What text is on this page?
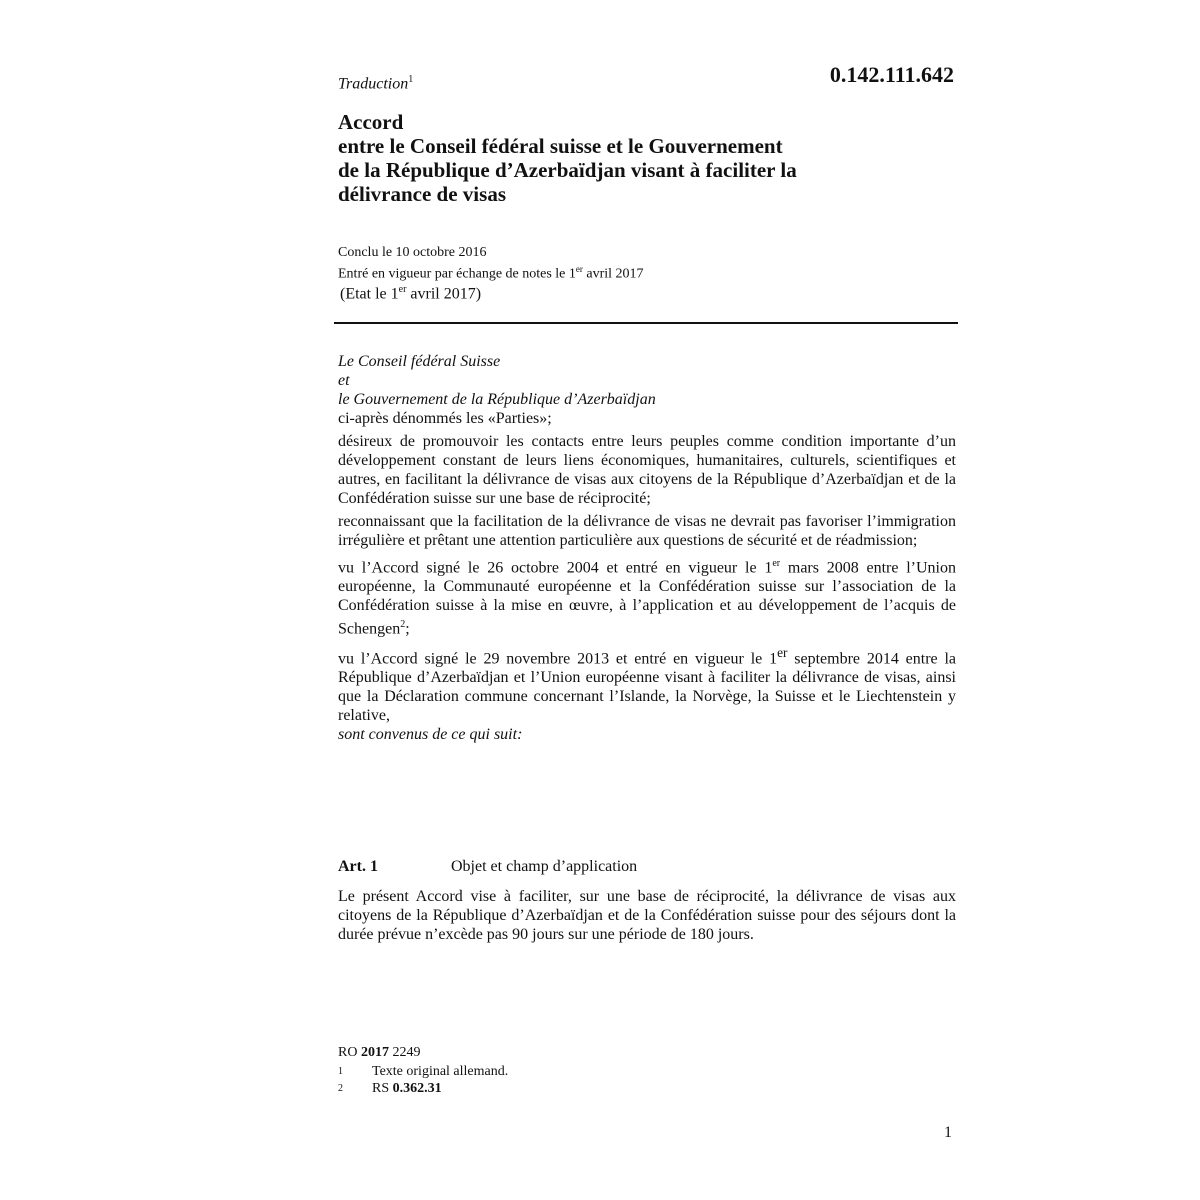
Traduction$^1$	0.142.111.642
Accord
entre le Conseil fédéral suisse et le Gouvernement
de la République d’Azerbaïdjan visant à faciliter la
délivrance de visas
Conclu le 10 octobre 2016
Entré en vigueur par échange de notes le 1er avril 2017
(Etat le 1er avril 2017)
Le Conseil fédéral Suisse
et
le Gouvernement de la République d’Azerbaïdjan
ci-après dénommés les «Parties»;
désireux de promouvoir les contacts entre leurs peuples comme condition importante d’un développement constant de leurs liens économiques, humanitaires, culturels, scientifiques et autres, en facilitant la délivrance de visas aux citoyens de la République d’Azerbaïdjan et de la Confédération suisse sur une base de réciprocité;
reconnaissant que la facilitation de la délivrance de visas ne devrait pas favoriser l’immigration irrégulière et prêtant une attention particulière aux questions de sécurité et de réadmission;
vu l’Accord signé le 26 octobre 2004 et entré en vigueur le 1er mars 2008 entre l’Union européenne, la Communauté européenne et la Confédération suisse sur l’association de la Confédération suisse à la mise en œuvre, à l’application et au développement de l’acquis de Schengen$^2$;
vu l’Accord signé le 29 novembre 2013 et entré en vigueur le 1er septembre 2014 entre la République d’Azerbaïdjan et l’Union européenne visant à faciliter la délivrance de visas, ainsi que la Déclaration commune concernant l’Islande, la Norvège, la Suisse et le Liechtenstein y relative,
sont convenus de ce qui suit:
Art. 1	Objet et champ d’application
Le présent Accord vise à faciliter, sur une base de réciprocité, la délivrance de visas aux citoyens de la République d’Azerbaïdjan et de la Confédération suisse pour des séjours dont la durée prévue n’excède pas 90 jours sur une période de 180 jours.
RO 2017 2249
1 Texte original allemand.
2 RS 0.362.31
1
